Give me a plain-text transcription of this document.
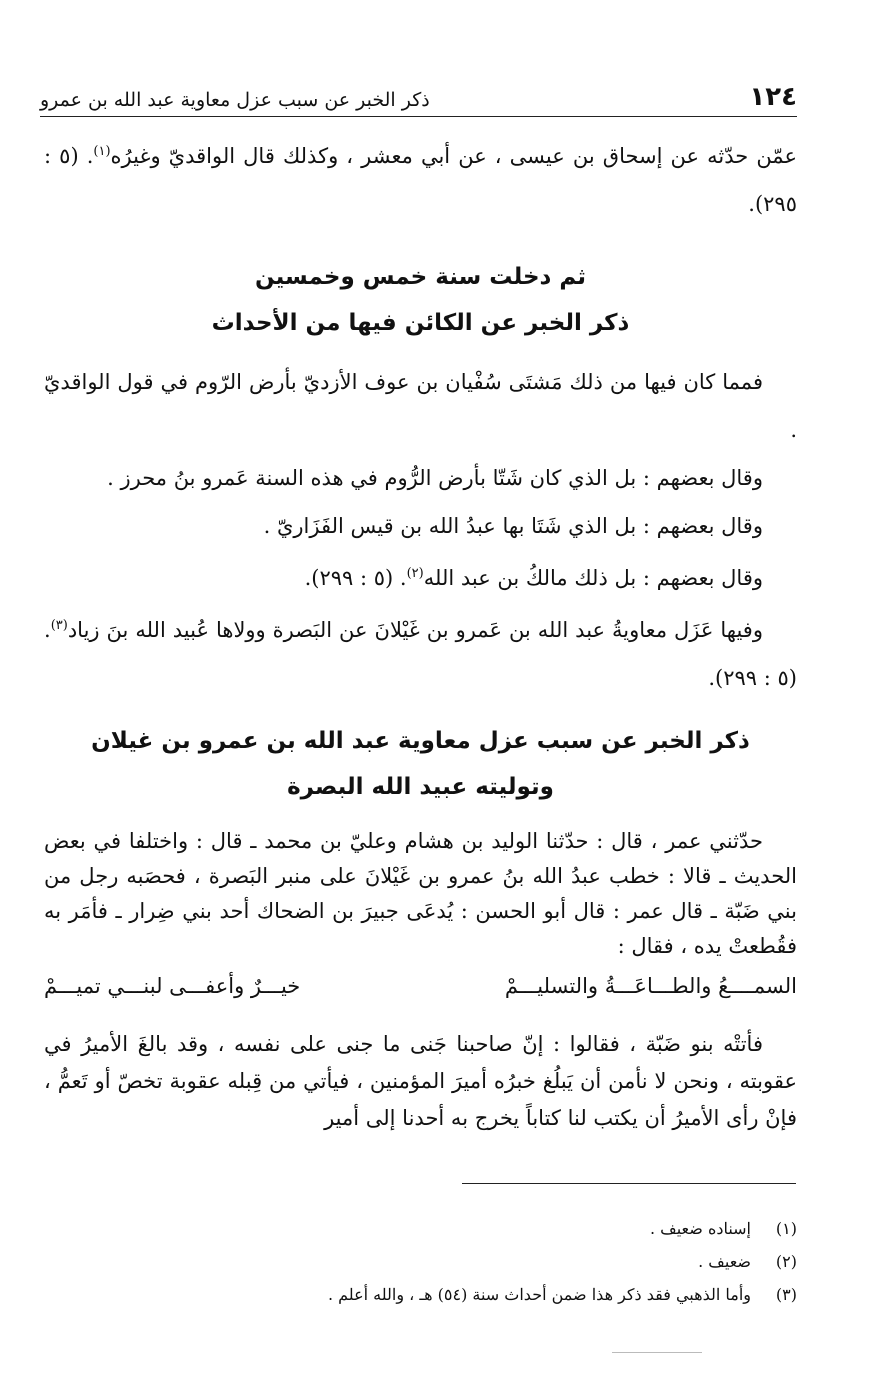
١٢٤
ذكر الخبر عن سبب عزل معاوية عبد الله بن عمرو

عمّن حدّثه عن إسحاق بن عيسى ، عن أبي معشر ، وكذلك قال الواقديّ وغيرُه$^{(١)}$. (٥ : ٢٩٥).

ثم دخلت سنة خمس وخمسين
ذكر الخبر عن الكائن فيها من الأحداث

فمما كان فيها من ذلك مَشتَى سُفْيان بن عوف الأزديّ بأرض الرّوم في قول الواقديّ .

وقال بعضهم : بل الذي كان شَتّا بأرض الرُّوم في هذه السنة عَمرو بنُ محرز .

وقال بعضهم : بل الذي شَتَا بها عبدُ الله بن قيس الفَزَاريّ .

وقال بعضهم : بل ذلك مالكُ بن عبد الله$^{(٢)}$. (٥ : ٢٩٩).

وفيها عَزَل معاويةُ عبد الله بن عَمرو بن غَيْلانَ عن البَصرة وولاها عُبيد الله بنَ زياد$^{(٣)}$. (٥ : ٢٩٩).

ذكر الخبر عن سبب عزل معاوية عبد الله بن عمرو بن غيلان
وتوليته عبيد الله البصرة

حدّثني عمر ، قال : حدّثنا الوليد بن هشام وعليّ بن محمد ـ قال : واختلفا في بعض الحديث ـ قالا : خطب عبدُ الله بنُ عمرو بن غَيْلانَ على منبر البَصرة ، فحصَبه رجل من بني ضَبّة ـ قال عمر : قال أبو الحسن : يُدعَى جبيرَ بن الضحاك أحد بني ضِرار ـ فأمَر به فقُطعتْ يده ، فقال :

السمــــعُ والطـــاعَـــةُ والتسليـــمْ
خيـــرٌ وأعفـــى لبنـــي تميـــمْ

فأتتْه بنو ضَبّة ، فقالوا : إنّ صاحبنا جَنى ما جنى على نفسه ، وقد بالغَ الأميرُ في عقوبته ، ونحن لا نأمن أن يَبلُغ خبرُه أميرَ المؤمنين ، فيأتي من قِبله عقوبة تخصّ أو تَعمُّ ، فإنْ رأى الأميرُ أن يكتب لنا كتاباً يخرج به أحدنا إلى أمير

(١)
إسناده ضعيف .
(٢)
ضعيف .
(٣)
وأما الذهبي فقد ذكر هذا ضمن أحداث سنة (٥٤) هـ ، والله أعلم .
